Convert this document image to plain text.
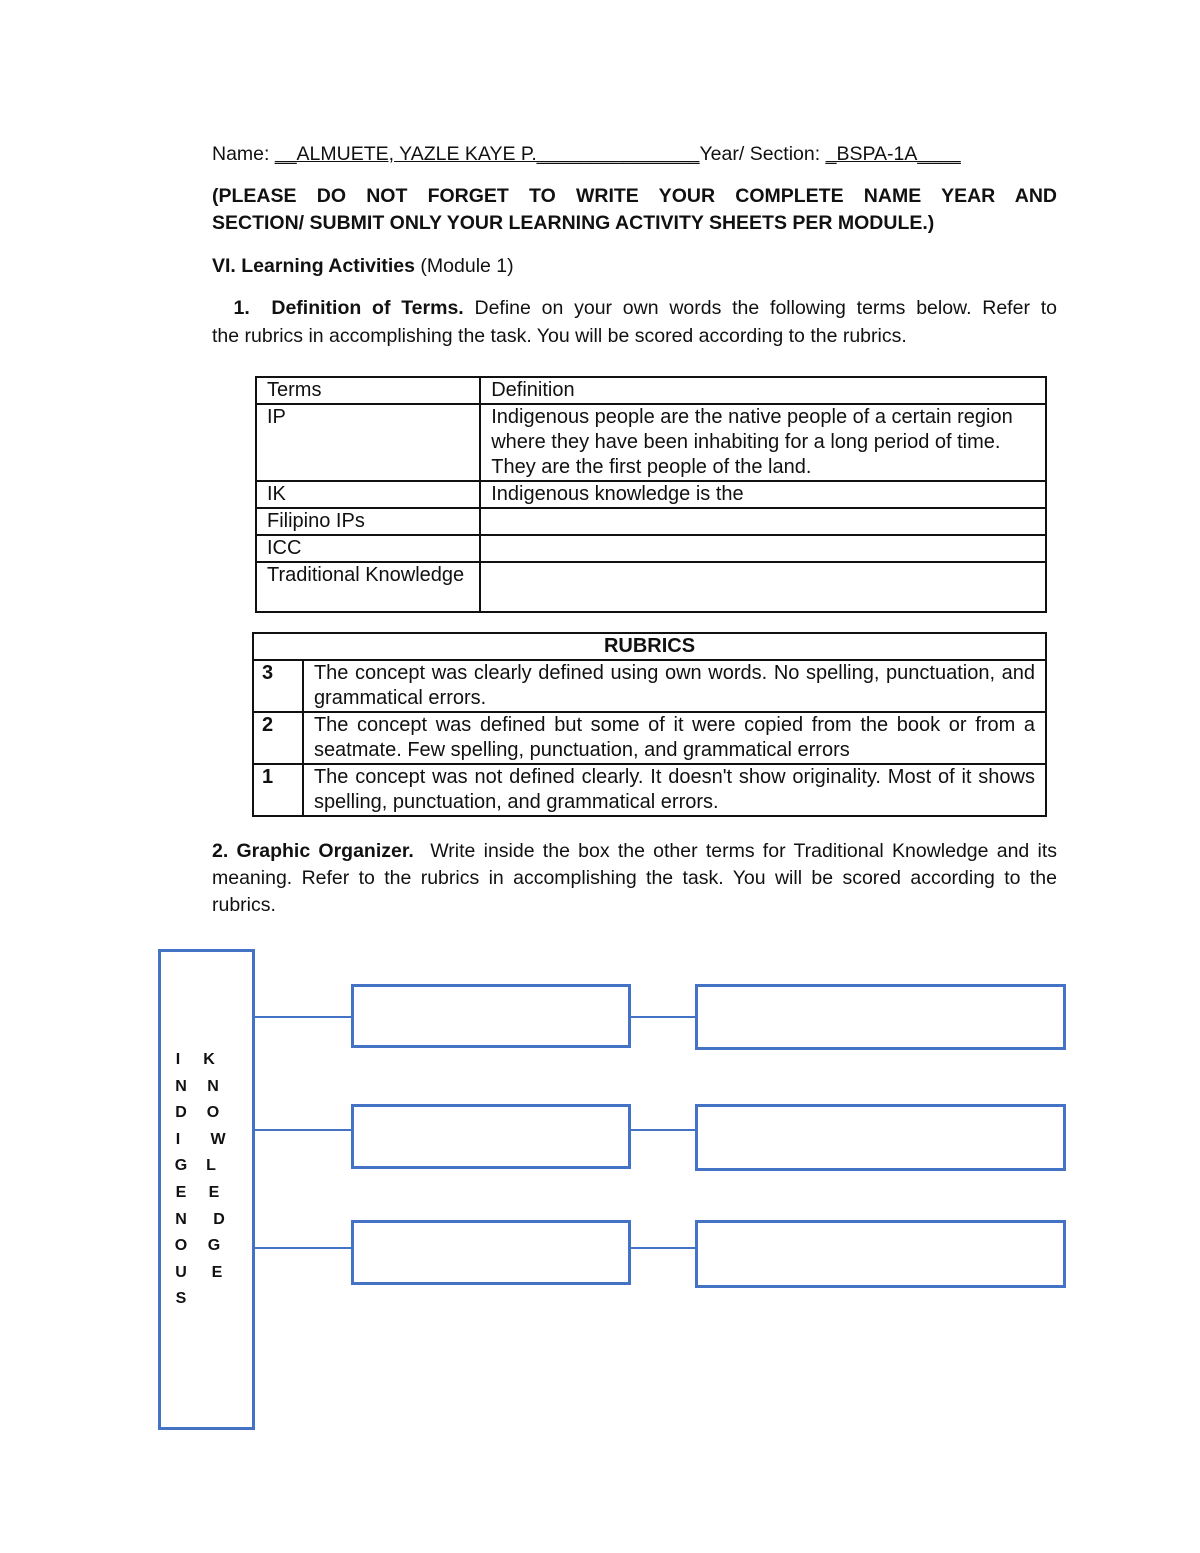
Name: __ALMUETE, YAZLE KAYE P._______________Year/ Section: _BSPA-1A____
(PLEASE DO NOT FORGET TO WRITE YOUR COMPLETE NAME YEAR AND
SECTION/ SUBMIT ONLY YOUR LEARNING ACTIVITY SHEETS PER MODULE.)
VI. Learning Activities (Module 1)
1. Definition of Terms. Define on your own words the following terms below. Refer to
the rubrics in accomplishing the task. You will be scored according to the rubrics.
Terms	Definition
IP	Indigenous people are the native people of a certain region where they have been inhabiting for a long period of time. They are the first people of the land.
IK	Indigenous knowledge is the
Filipino IPs	
ICC	
Traditional Knowledge	
RUBRICS	
3	The concept was clearly defined using own words. No spelling, punctuation, and grammatical errors.
2	The concept was defined but some of it were copied from the book or from a seatmate. Few spelling, punctuation, and grammatical errors
1	The concept was not defined clearly. It doesn't show originality. Most of it shows spelling, punctuation, and grammatical errors.
2. Graphic Organizer. Write inside the box the other terms for Traditional Knowledge and its meaning. Refer to the rubrics in accomplishing the task. You will be scored according to the rubrics.
I
N
D
I
G
E
N
O
U
S
K
N
O
W
L
E
D
G
E
